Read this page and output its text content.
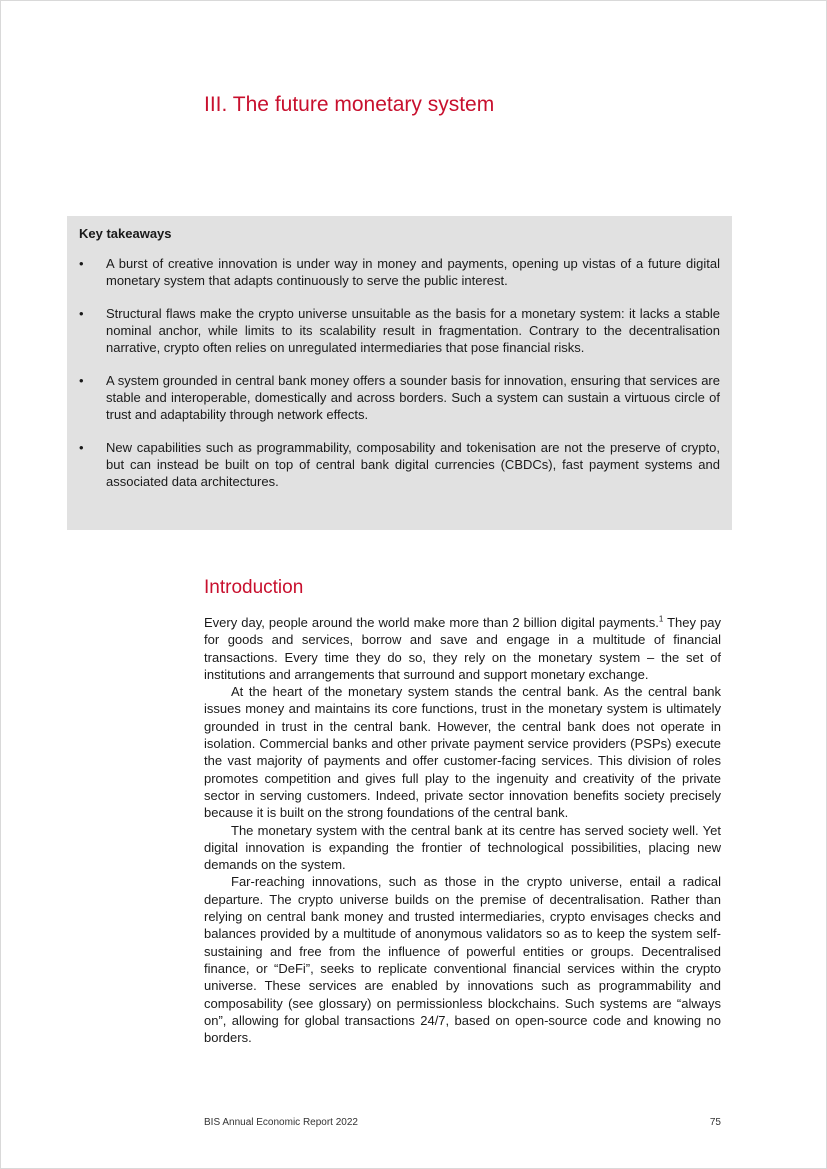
III. The future monetary system

Key takeaways

• A burst of creative innovation is under way in money and payments, opening up vistas of a future digital monetary system that adapts continuously to serve the public interest.
• Structural flaws make the crypto universe unsuitable as the basis for a monetary system: it lacks a stable nominal anchor, while limits to its scalability result in fragmentation. Contrary to the decentralisation narrative, crypto often relies on unregulated intermediaries that pose financial risks.
• A system grounded in central bank money offers a sounder basis for innovation, ensuring that services are stable and interoperable, domestically and across borders. Such a system can sustain a virtuous circle of trust and adaptability through network effects.
• New capabilities such as programmability, composability and tokenisation are not the preserve of crypto, but can instead be built on top of central bank digital currencies (CBDCs), fast payment systems and associated data architectures.
Introduction

Every day, people around the world make more than 2 billion digital payments.$^1$ They pay for goods and services, borrow and save and engage in a multitude of financial transactions. Every time they do so, they rely on the monetary system – the set of institutions and arrangements that surround and support monetary exchange.

At the heart of the monetary system stands the central bank. As the central bank issues money and maintains its core functions, trust in the monetary system is ultimately grounded in trust in the central bank. However, the central bank does not operate in isolation. Commercial banks and other private payment service providers (PSPs) execute the vast majority of payments and offer customer-facing services. This division of roles promotes competition and gives full play to the ingenuity and creativity of the private sector in serving customers. Indeed, private sector innovation benefits society precisely because it is built on the strong foundations of the central bank.

The monetary system with the central bank at its centre has served society well. Yet digital innovation is expanding the frontier of technological possibilities, placing new demands on the system.

Far-reaching innovations, such as those in the crypto universe, entail a radical departure. The crypto universe builds on the premise of decentralisation. Rather than relying on central bank money and trusted intermediaries, crypto envisages checks and balances provided by a multitude of anonymous validators so as to keep the system self-sustaining and free from the influence of powerful entities or groups. Decentralised finance, or “DeFi”, seeks to replicate conventional financial services within the crypto universe. These services are enabled by innovations such as programmability and composability (see glossary) on permissionless blockchains. Such systems are “always on”, allowing for global transactions 24/7, based on open-source code and knowing no borders.

BIS Annual Economic Report 2022	75
